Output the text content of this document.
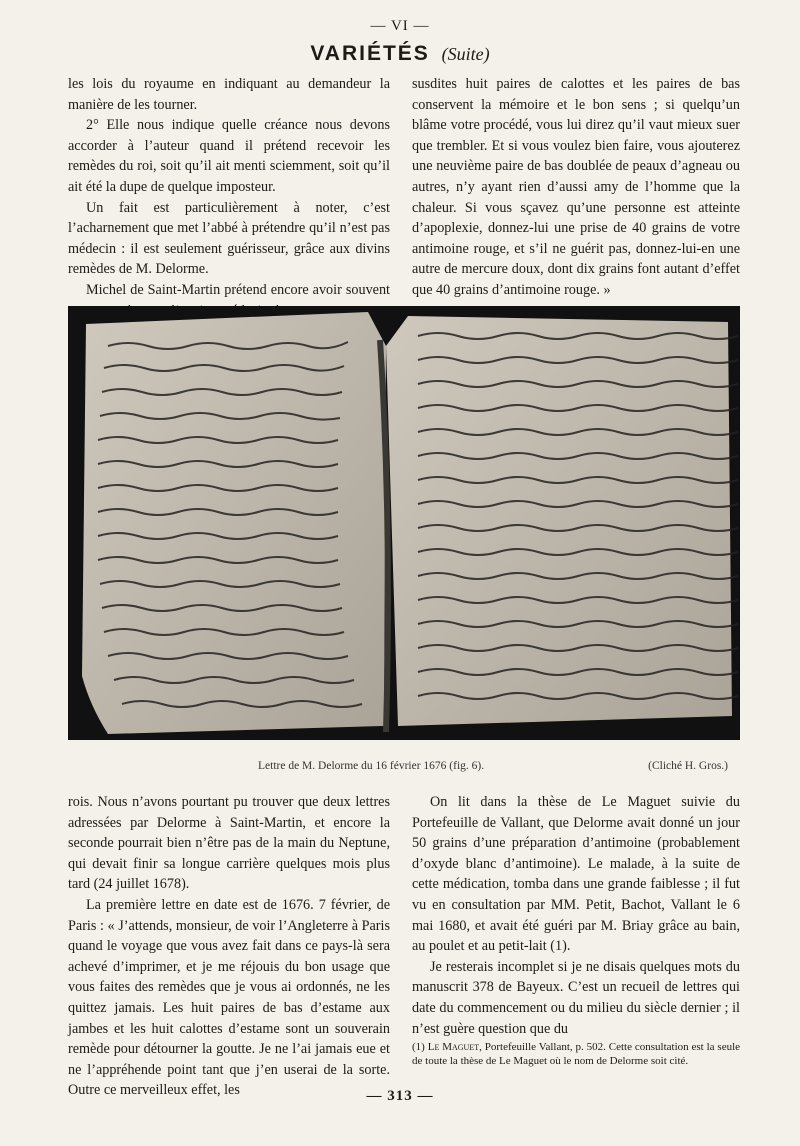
— VI —
VARIÉTÉS (Suite)

les lois du royaume en indiquant au demandeur la manière de les tourner.

2° Elle nous indique quelle créance nous devons accorder à l’auteur quand il prétend recevoir les remèdes du roi, soit qu’il ait menti sciemment, soit qu’il ait été la dupe de quelque imposteur.

Un fait est particulièrement à noter, c’est l’acharnement que met l’abbé à prétendre qu’il n’est pas médecin : il est seulement guérisseur, grâce aux divins remèdes de M. Delorme.

Michel de Saint-Martin prétend encore avoir souvent

susdites huit paires de calottes et les paires de bas conservent la mémoire et le bon sens ; si quelqu’un blâme votre procédé, vous lui direz qu’il vaut mieux suer que trembler. Et si vous voulez bien faire, vous ajouterez une neuvième paire de bas doublée de peaux d’agneau ou autres, n’y ayant rien d’aussi amy de l’homme que la chaleur. Si vous sçavez qu’une personne est atteinte d’apoplexie, donnez-lui une prise de 40 grains de votre antimoine rouge, et s’il ne guérit pas, donnez-lui-en une autre de mercure doux, dont dix grains font autant d’effet que 40 grains d’antimoine rouge. »

Lettre de M. Delorme du 16 février 1676 (fig. 6).	(Cliché H. Gros.)

rois. Nous n’avons pourtant pu trouver que deux lettres adressées par Delorme à Saint-Martin, et encore la seconde pourrait bien n’être pas de la main du Neptune, qui devait finir sa longue carrière quelques mois plus tard (24 juillet 1678).

La première lettre en date est de 1676. 7 février, de Paris : « J’attends, monsieur, de voir l’Angleterre à Paris quand le voyage que vous avez fait dans ce pays-là sera achevé d’imprimer, et je me réjouis du bon usage que vous faites des remèdes que je vous ai ordonnés, ne les quittez jamais. Les huit paires de bas d’estame aux jambes et les huit calottes d’estame sont un souverain remède pour détourner la goutte. Je ne l’ai jamais eue et ne l’appréhende point tant que j’en userai de la sorte. Outre ce merveilleux effet, les

On lit dans la thèse de Le Maguet suivie du Portefeuille de Vallant, que Delorme avait donné un jour 50 grains d’une préparation d’antimoine (probablement d’oxyde blanc d’antimoine). Le malade, à la suite de cette médication, tomba dans une grande faiblesse ; il fut vu en consultation par MM. Petit, Bachot, Vallant le 6 mai 1680, et avait été guéri par M. Briay grâce au bain, au poulet et au petit-lait (1).

Je resterais incomplet si je ne disais quelques mots du manuscrit 378 de Bayeux. C’est un recueil de lettres qui date du commencement ou du milieu du siècle dernier ; il n’est guère question que du

(1) Le Maguet, Portefeuille Vallant, p. 502. Cette consultation est la seule de toute la thèse de Le Maguet où le nom de Delorme soit cité.
— 313 —
